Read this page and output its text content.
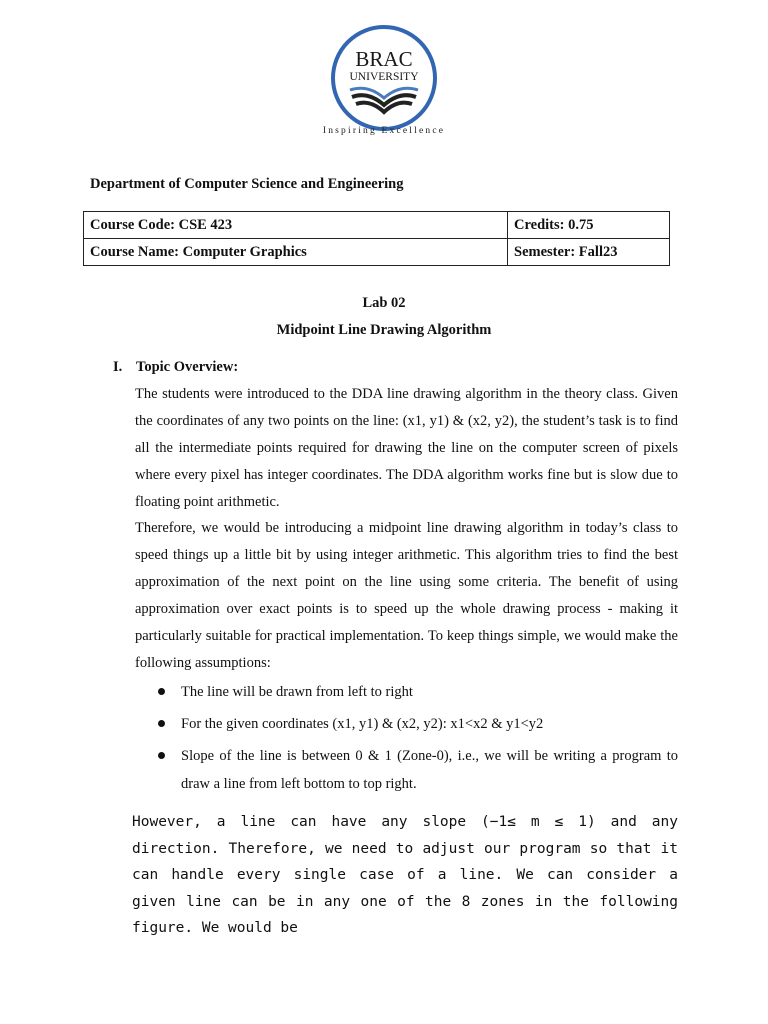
BRAC
UNIVERSITY
Inspiring Excellence
Department of Computer Science and Engineering
Course Code: CSE 423	Credits: 0.75
Course Name: Computer Graphics	Semester: Fall23
Lab 02
Midpoint Line Drawing Algorithm
I. Topic Overview:
The students were introduced to the DDA line drawing algorithm in the theory class. Given the coordinates of any two points on the line: (x1, y1) & (x2, y2), the student’s task is to find all the intermediate points required for drawing the line on the computer screen of pixels where every pixel has integer coordinates. The DDA algorithm works fine but is slow due to floating point arithmetic.
Therefore, we would be introducing a midpoint line drawing algorithm in today’s class to speed things up a little bit by using integer arithmetic. This algorithm tries to find the best approximation of the next point on the line using some criteria. The benefit of using approximation over exact points is to speed up the whole drawing process - making it particularly suitable for practical implementation. To keep things simple, we would make the following assumptions:
The line will be drawn from left to right
For the given coordinates (x1, y1) & (x2, y2): x1<x2 & y1<y2
Slope of the line is between 0 & 1 (Zone-0), i.e., we will be writing a program to draw a line from left bottom to top right.
However, a line can have any slope (−1≤ m ≤ 1) and any direction. Therefore, we need to adjust our program so that it can handle every single case of a line. We can consider a given line can be in any one of the 8 zones in the following figure. We would be
